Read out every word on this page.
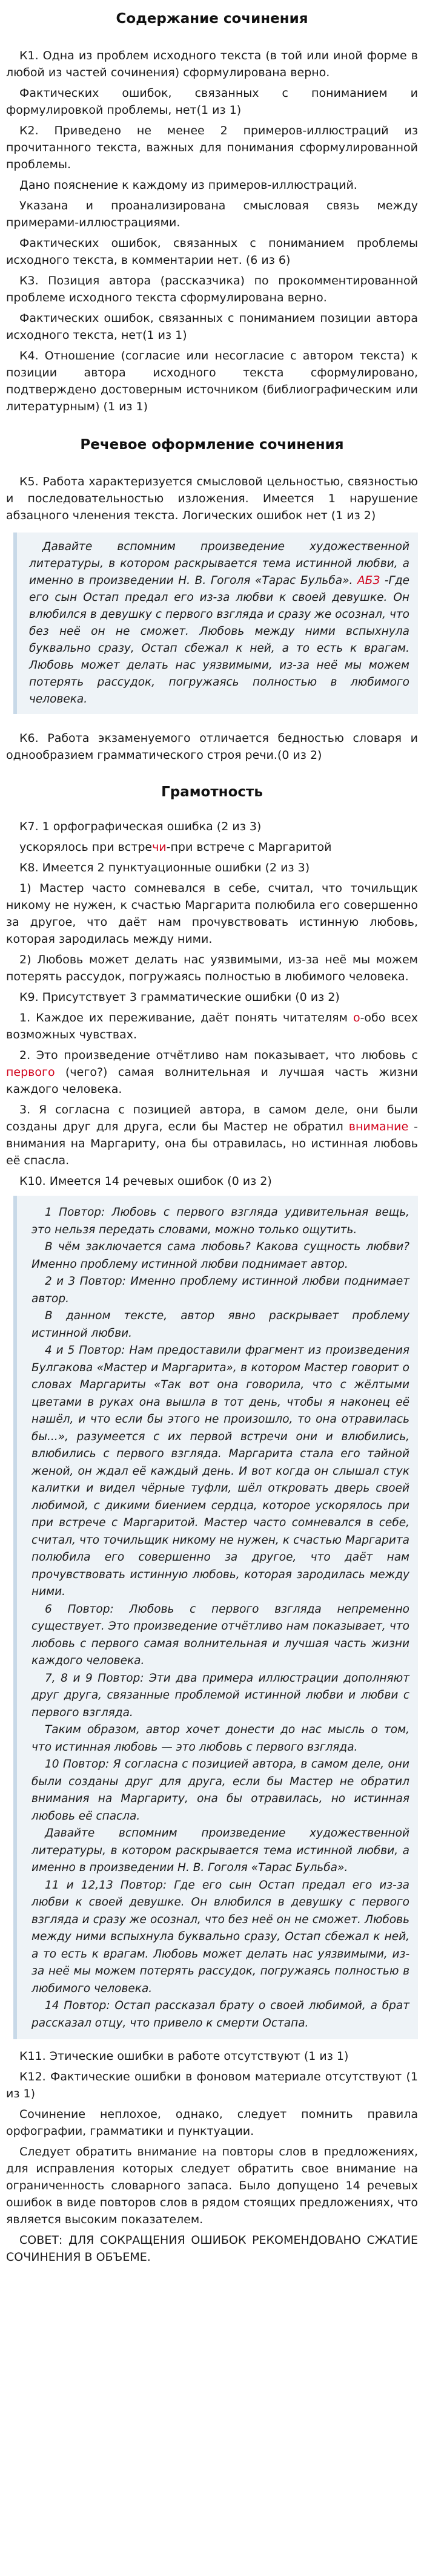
Содержание сочинения

К1. Одна из проблем исходного текста (в той или иной форме в любой из частей сочинения) сформулирована верно.

Фактических ошибок, связанных с пониманием и формулировкой проблемы, нет(1 из 1)

К2. Приведено не менее 2 примеров-иллюстраций из прочитанного текста, важных для понимания сформулированной проблемы.

Дано пояснение к каждому из примеров-иллюстраций.

Указана и проанализирована смысловая связь между примерами-иллюстрациями.

Фактических ошибок, связанных с пониманием проблемы исходного текста, в комментарии нет. (6 из 6)

К3. Позиция автора (рассказчика) по прокомментированной проблеме исходного текста сформулирована верно.

Фактических ошибок, связанных с пониманием позиции автора исходного текста, нет(1 из 1)

К4. Отношение (согласие или несогласие с автором текста) к позиции автора исходного текста сформулировано, подтверждено достоверным источником (библиографическим или литературным) (1 из 1)

Речевое оформление сочинения

К5. Работа характеризуется смысловой цельностью, связностью и последовательностью изложения. Имеется 1 нарушение абзацного членения текста. Логических ошибок нет (1 из 2)

Давайте вспомним произведение художественной литературы, в котором раскрывается тема истинной любви, а именно в произведении Н. В. Гоголя «Тарас Бульба». АБЗ -Где его сын Остап предал его из-за любви к своей девушке. Он влюбился в девушку с первого взгляда и сразу же осознал, что без неё он не сможет. Любовь между ними вспыхнула буквально сразу, Остап сбежал к ней, а то есть к врагам. Любовь может делать нас уязвимыми, из-за неё мы можем потерять рассудок, погружаясь полностью в любимого человека.

К6. Работа экзаменуемого отличается бедностью словаря и однообразием грамматического строя речи.(0 из 2)

Грамотность

К7. 1 орфографическая ошибка (2 из 3)

ускорялось при встречи-при встрече с Маргаритой

К8. Имеется 2 пунктуационные ошибки (2 из 3)

1) Мастер часто сомневался в себе, считал, что точильщик никому не нужен, к счастью Маргарита полюбила его совершенно за другое, что даёт нам прочувствовать истинную любовь, которая зародилась между ними.

2) Любовь может делать нас уязвимыми, из-за неё мы можем потерять рассудок, погружаясь полностью в любимого человека.

К9. Присутствует 3 грамматические ошибки (0 из 2)

1. Каждое их переживание, даёт понять читателям о-обо всех возможных чувствах.

2. Это произведение отчётливо нам показывает, что любовь с первого (чего?) самая волнительная и лучшая часть жизни каждого человека.

3. Я согласна с позицией автора, в самом деле, они были созданы друг для друга, если бы Мастер не обратил внимание - внимания на Маргариту, она бы отравилась, но истинная любовь её спасла.

К10. Имеется 14 речевых ошибок (0 из 2)

1 Повтор: Любовь с первого взгляда удивительная вещь, это нельзя передать словами, можно только ощутить.

В чём заключается сама любовь? Какова сущность любви? Именно проблему истинной любви поднимает автор.

2 и 3 Повтор: Именно проблему истинной любви поднимает автор.

В данном тексте, автор явно раскрывает проблему истинной любви.

4 и 5 Повтор: Нам предоставили фрагмент из произведения Булгакова «Мастер и Маргарита», в котором Мастер говорит о словах Маргариты «Так вот она говорила, что с жёлтыми цветами в руках она вышла в тот день, чтобы я наконец её нашёл, и что если бы этого не произошло, то она отравилась бы...», разумеется с их первой встречи они и влюбились, влюбились с первого взгляда. Маргарита стала его тайной женой, он ждал её каждый день. И вот когда он слышал стук калитки и видел чёрные туфли, шёл откровать дверь своей любимой, с дикими биением сердца, которое ускорялось при при встрече с Маргаритой. Мастер часто сомневался в себе, считал, что точильщик никому не нужен, к счастью Маргарита полюбила его совершенно за другое, что даёт нам прочувствовать истинную любовь, которая зародилась между ними.

6 Повтор: Любовь с первого взгляда непременно существует. Это произведение отчётливо нам показывает, что любовь с первого самая волнительная и лучшая часть жизни каждого человека.

7, 8 и 9 Повтор: Эти два примера иллюстрации дополняют друг друга, связанные проблемой истинной любви и любви с первого взгляда.

Таким образом, автор хочет донести до нас мысль о том, что истинная любовь — это любовь с первого взгляда.

10 Повтор: Я согласна с позицией автора, в самом деле, они были созданы друг для друга, если бы Мастер не обратил внимания на Маргариту, она бы отравилась, но истинная любовь её спасла.

Давайте вспомним произведение художественной литературы, в котором раскрывается тема истинной любви, а именно в произведении Н. В. Гоголя «Тарас Бульба».

11 и 12,13 Повтор: Где его сын Остап предал его из-за любви к своей девушке. Он влюбился в девушку с первого взгляда и сразу же осознал, что без неё он не сможет. Любовь между ними вспыхнула буквально сразу, Остап сбежал к ней, а то есть к врагам. Любовь может делать нас уязвимыми, из-за неё мы можем потерять рассудок, погружаясь полностью в любимого человека.

14 Повтор: Остап рассказал брату о своей любимой, а брат рассказал отцу, что привело к смерти Остапа.

К11. Этические ошибки в работе отсутствуют (1 из 1)

К12. Фактические ошибки в фоновом материале отсутствуют (1 из 1)

Сочинение неплохое, однако, следует помнить правила орфографии, грамматики и пунктуации.

Следует обратить внимание на повторы слов в предложениях, для исправления которых следует обратить свое внимание на ограниченность словарного запаса. Было допущено 14 речевых ошибок в виде повторов слов в рядом стоящих предложениях, что является высоким показателем.

СОВЕТ: ДЛЯ СОКРАЩЕНИЯ ОШИБОК РЕКОМЕНДОВАНО СЖАТИЕ СОЧИНЕНИЯ В ОБЪЕМЕ.
